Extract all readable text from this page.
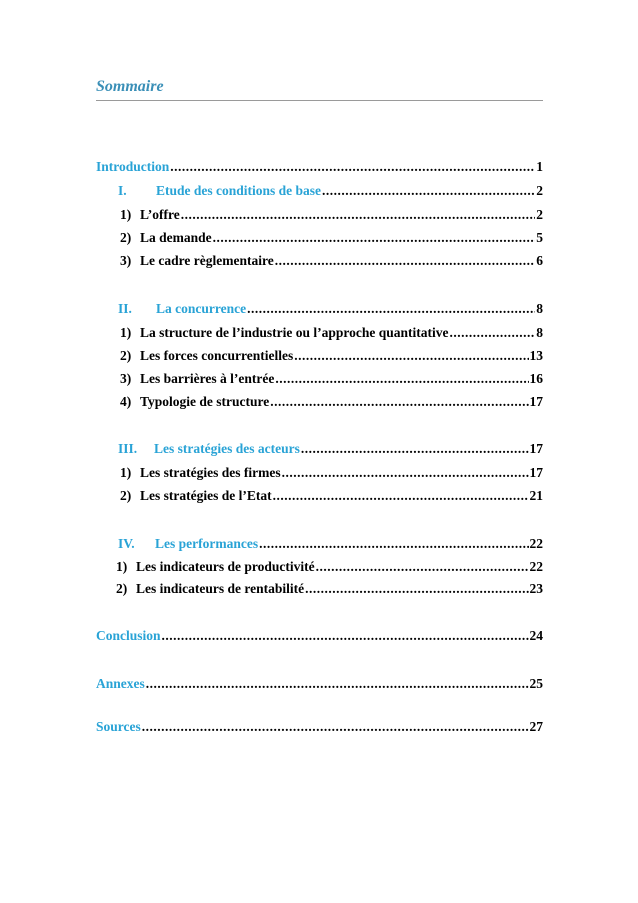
Sommaire
Introduction .....	1
I.	Etude des conditions de base .....	2
1) L’offre .....	2
2) La demande .....	5
3) Le cadre règlementaire .....	6
II.	La concurrence .....	8
1) La structure de l’industrie ou l’approche quantitative .....	8
2) Les forces concurrentielles .....	13
3) Les barrières à l’entrée .....	16
4) Typologie de structure .....	17
III.	Les stratégies des acteurs .....	17
1) Les stratégies des firmes .....	17
2) Les stratégies de l’Etat .....	21
IV.	Les performances .....	22
1) Les indicateurs de productivité .....	22
2) Les indicateurs de rentabilité .....	23
Conclusion .....	24
Annexes .....	25
Sources .....	27
